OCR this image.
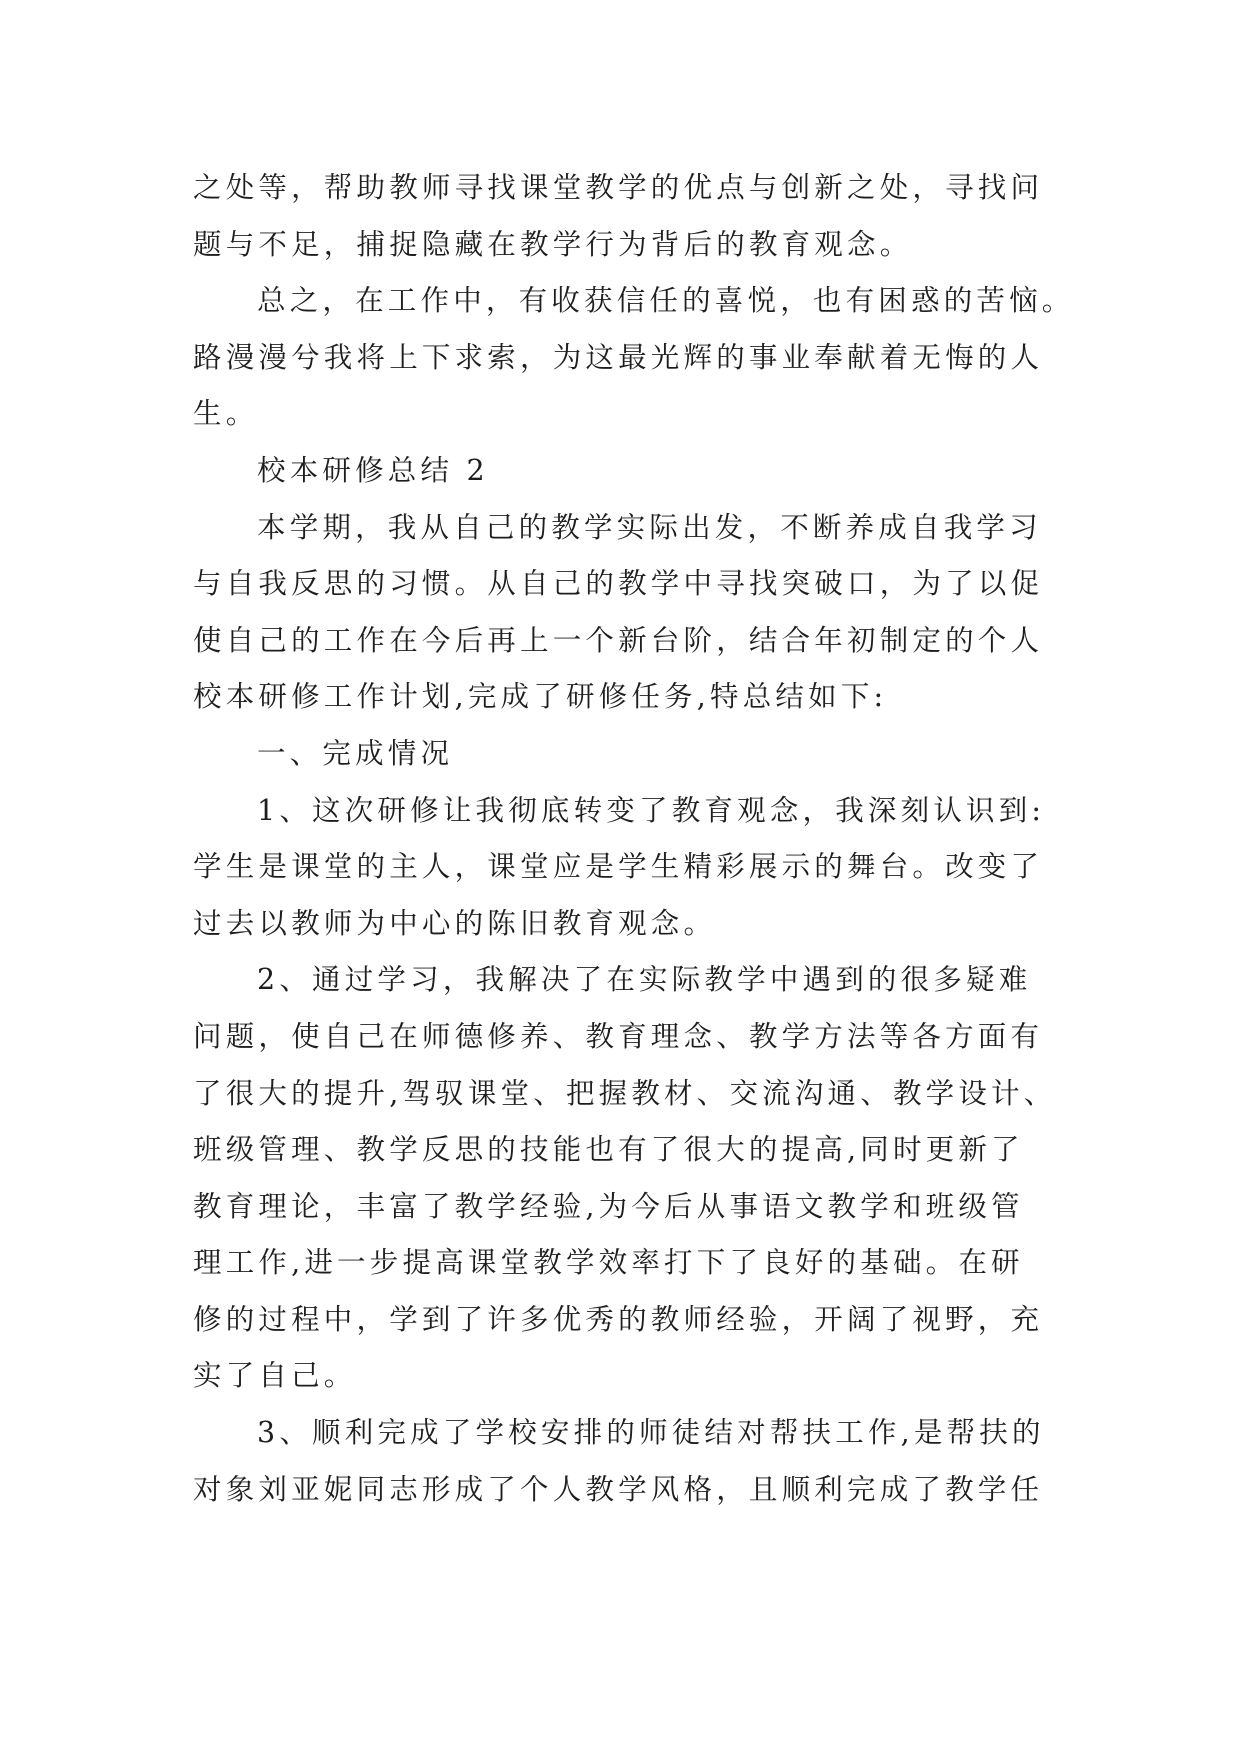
之处等，帮助教师寻找课堂教学的优点与创新之处，寻找问
题与不足，捕捉隐藏在教学行为背后的教育观念。
总之，在工作中，有收获信任的喜悦，也有困惑的苦恼。
路漫漫兮我将上下求索，为这最光辉的事业奉献着无悔的人
生。
校本研修总结 2
本学期，我从自己的教学实际出发，不断养成自我学习
与自我反思的习惯。从自己的教学中寻找突破口，为了以促
使自己的工作在今后再上一个新台阶，结合年初制定的个人
校本研修工作计划,完成了研修任务,特总结如下:
一、完成情况
1、这次研修让我彻底转变了教育观念，我深刻认识到:
学生是课堂的主人，课堂应是学生精彩展示的舞台。改变了
过去以教师为中心的陈旧教育观念。
2、通过学习，我解决了在实际教学中遇到的很多疑难
问题，使自己在师德修养、教育理念、教学方法等各方面有
了很大的提升,驾驭课堂、把握教材、交流沟通、教学设计、
班级管理、教学反思的技能也有了很大的提高,同时更新了
教育理论，丰富了教学经验,为今后从事语文教学和班级管
理工作,进一步提高课堂教学效率打下了良好的基础。在研
修的过程中，学到了许多优秀的教师经验，开阔了视野，充
实了自己。
3、顺利完成了学校安排的师徒结对帮扶工作,是帮扶的
对象刘亚妮同志形成了个人教学风格，且顺利完成了教学任
